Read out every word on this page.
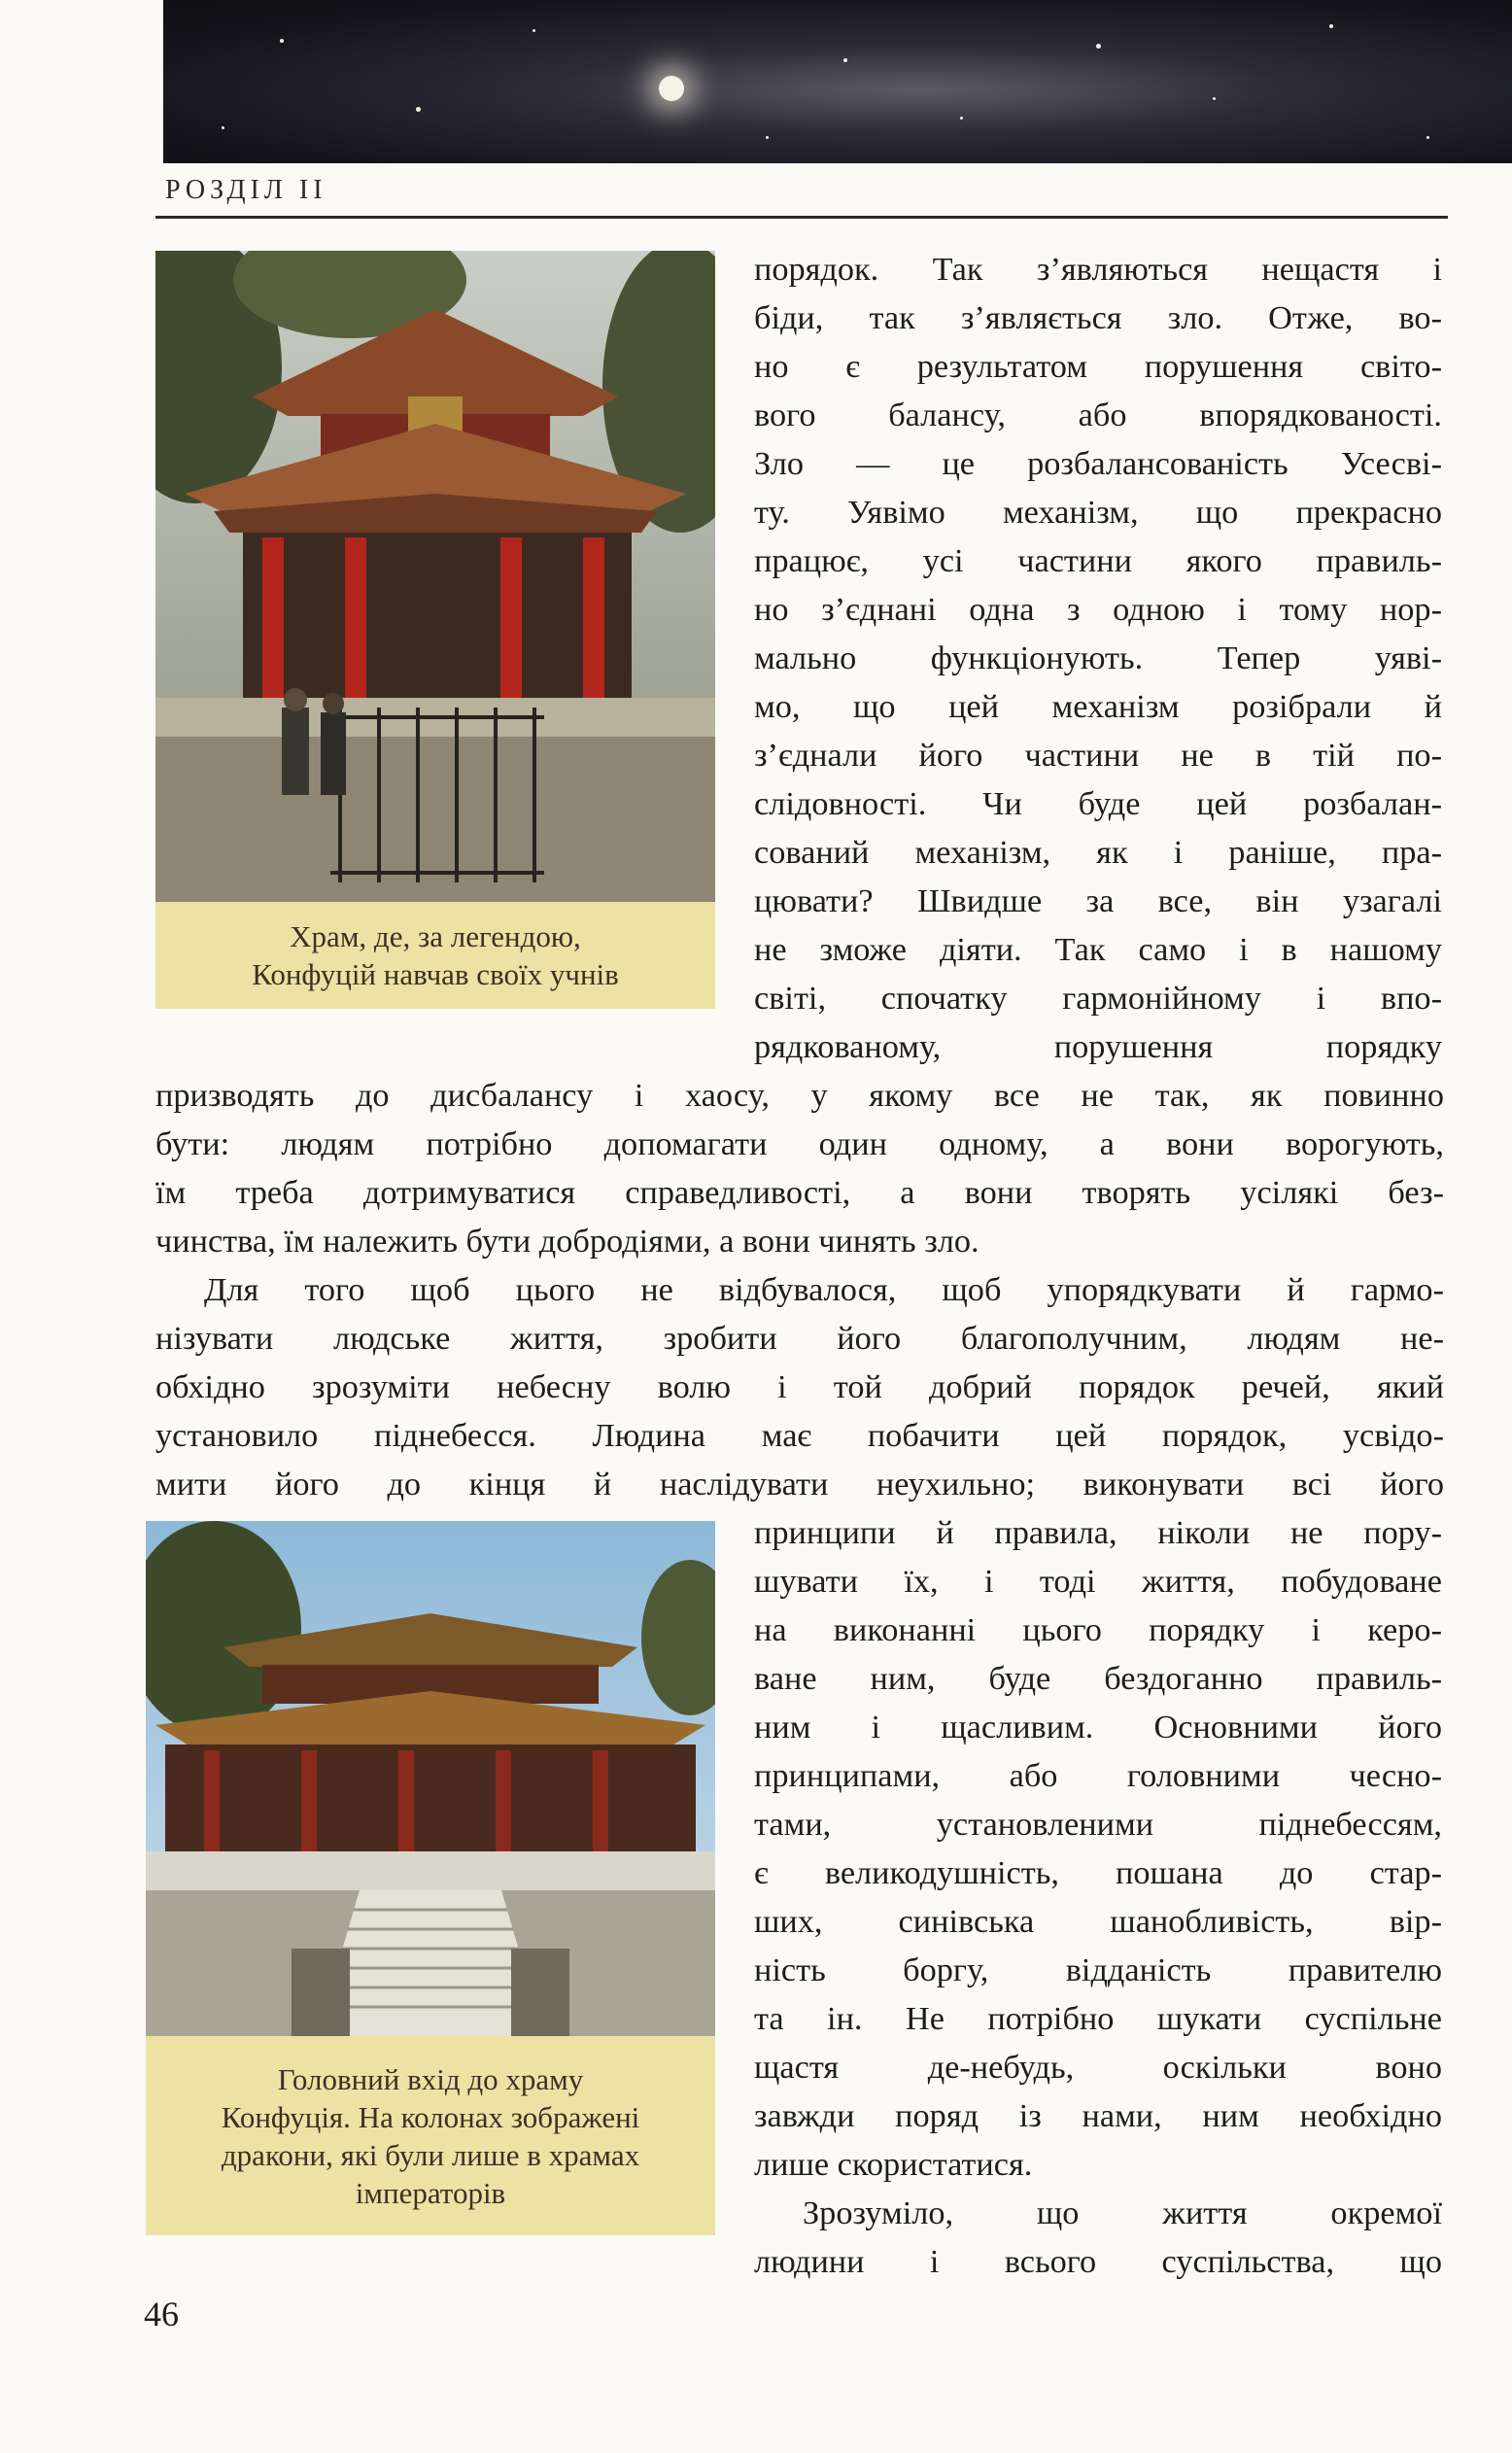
РОЗДІЛ II
Храм, де, за легендою,
Конфуцій навчав своїх учнів
Головний вхід до храму
Конфуція. На колонах зображені
дракони, які були лише в храмах
імператорів
порядок. Так з’являються нещастя і
біди, так з’являється зло. Отже, во-
но є результатом порушення світо-
вого балансу, або впорядкованості.
Зло — це розбалансованість Усесві-
ту. Уявімо механізм, що прекрасно
працює, усі частини якого правиль-
но з’єднані одна з одною і тому нор-
мально функціонують. Тепер уяві-
мо, що цей механізм розібрали й
з’єднали його частини не в тій по-
слідовності. Чи буде цей розбалан-
сований механізм, як і раніше, пра-
цювати? Швидше за все, він узагалі
не зможе діяти. Так само і в нашому
світі, спочатку гармонійному і впо-
рядкованому, порушення порядку
призводять до дисбалансу і хаосу, у якому все не так, як повинно
бути: людям потрібно допомагати один одному, а вони ворогують,
їм треба дотримуватися справедливості, а вони творять усілякі без-
чинства, їм належить бути добродіями, а вони чинять зло.
Для того щоб цього не відбувалося, щоб упорядкувати й гармо-
нізувати людське життя, зробити його благополучним, людям не-
обхідно зрозуміти небесну волю і той добрий порядок речей, який
установило піднебесся. Людина має побачити цей порядок, усвідо-
мити його до кінця й наслідувати неухильно; виконувати всі його
принципи й правила, ніколи не пору-
шувати їх, і тоді життя, побудоване
на виконанні цього порядку і керо-
ване ним, буде бездоганно правиль-
ним і щасливим. Основними його
принципами, або головними чесно-
тами, установленими піднебессям,
є великодушність, пошана до стар-
ших, синівська шанобливість, вір-
ність боргу, відданість правителю
та ін. Не потрібно шукати суспільне
щастя де-небудь, оскільки воно
завжди поряд із нами, ним необхідно
лише скористатися.
Зрозуміло, що життя окремої
людини і всього суспільства, що
46
